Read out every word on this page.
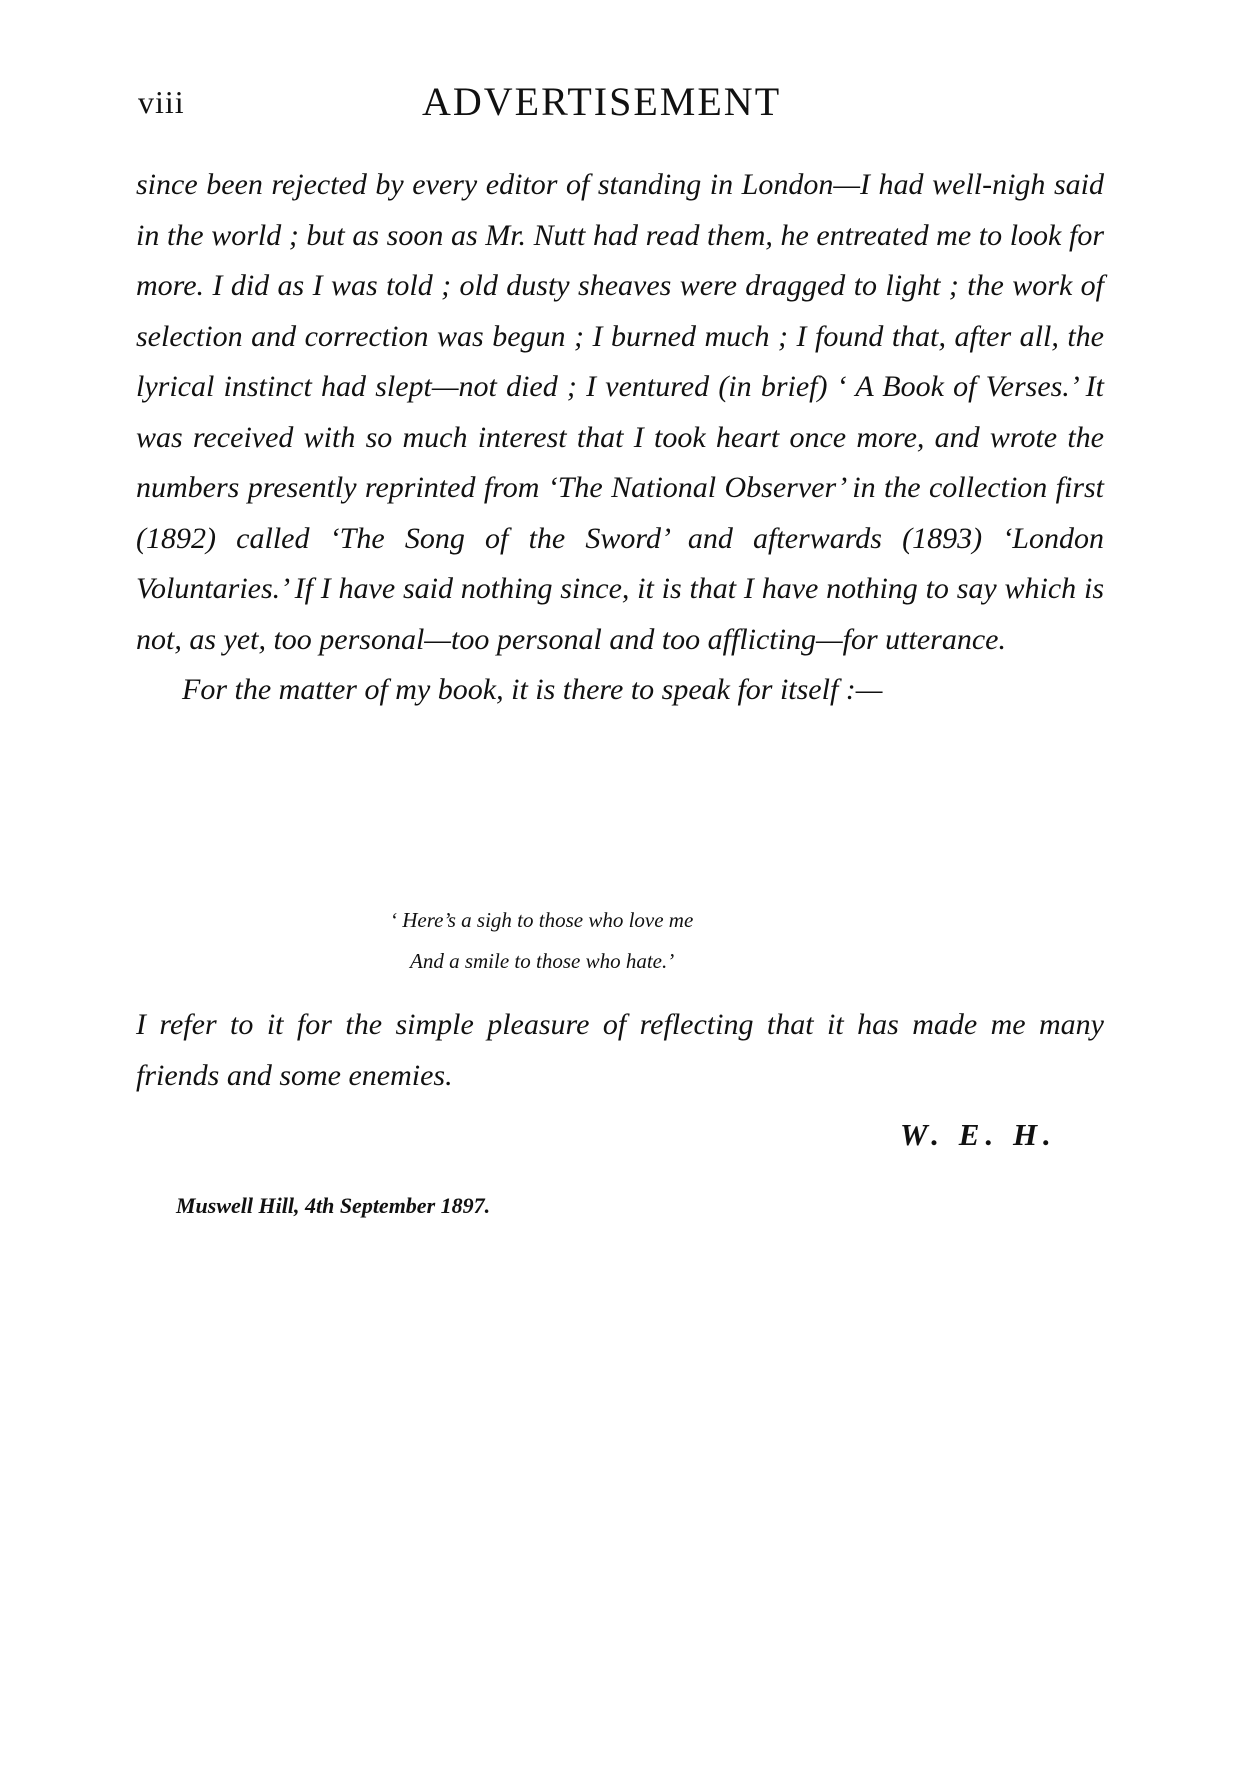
viii	ADVERTISEMENT

since been rejected by every editor of standing in London—I had well-nigh said in the world ; but as soon as Mr. Nutt had read them, he entreated me to look for more. I did as I was told ; old dusty sheaves were dragged to light ; the work of selection and correction was begun ; I burned much ; I found that, after all, the lyrical instinct had slept—not died ; I ventured (in brief) ‘ A Book of Verses.’ It was received with so much interest that I took heart once more, and wrote the numbers presently reprinted from ‘The National Observer’ in the collection first (1892) called ‘The Song of the Sword’ and afterwards (1893) ‘London Voluntaries.’ If I have said nothing since, it is that I have nothing to say which is not, as yet, too personal—too personal and too afflicting—for utterance.

For the matter of my book, it is there to speak for itself :—

‘ Here’s a sigh to those who love me
And a smile to those who hate.’
I refer to it for the simple pleasure of reflecting that it has made me many friends and some enemies.
W. E. H.
Muswell Hill, 4th September 1897.
